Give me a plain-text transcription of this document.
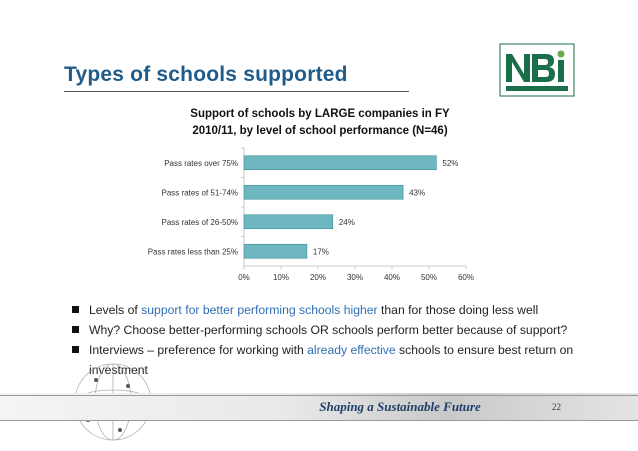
Types of schools supported
Support of schools by LARGE companies in FY
2010/11, by level of school performance (N=46)
Pass rates over 75%	52%
Pass rates of 51-74%	43%
Pass rates of 26-50%	24%
Pass rates less than 25%	17%
0%	10%	20%	30%	40%	50%	60%
Levels of support for better performing schools higher than for those doing less well
Why? Choose better-performing schools OR schools perform better because of support?
Interviews – preference for working with already effective schools to ensure best return on investment
Shaping a Sustainable Future	22
